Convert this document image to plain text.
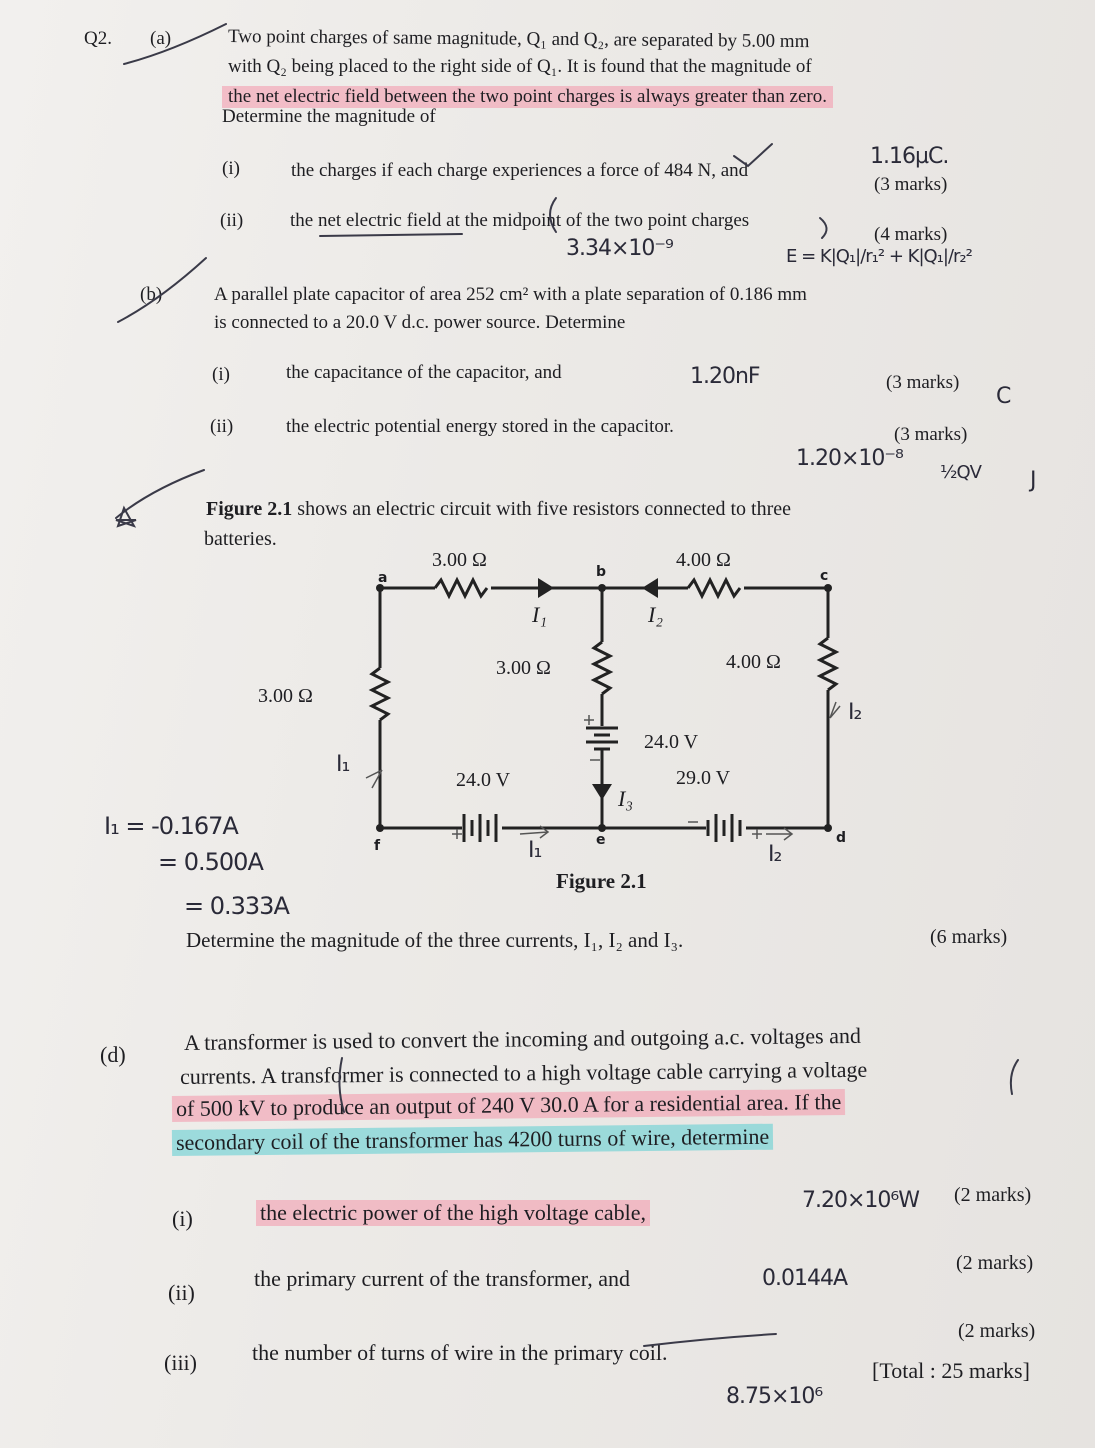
Q2. (a)	Two point charges of same magnitude, Q₁ and Q₂, are separated by 5.00 mm
with Q₂ being placed to the right side of Q₁. It is found that the magnitude of
the net electric field between the two point charges is always greater than zero.
Determine the magnitude of
(i)	the charges if each charge experiences a force of 484 N, and
(3 marks)
1.16µC.
(ii) the net electric field at the midpoint of the two point charges
(4 marks)
3.34×10⁻⁹	E = K|Q₁|/r₁² + K|Q₁|/r₂²
(b)	A parallel plate capacitor of area 252 cm² with a plate separation of 0.186 mm
is connected to a 20.0 V d.c. power source. Determine
(i)	the capacitance of the capacitor, and	(3 marks)
1.20nF
C
(ii)	the electric potential energy stored in the capacitor.	(3 marks)
1.20×10⁻⁸
½QV J
Figure 2.1 shows an electric circuit with five resistors connected to three
batteries.
3.00 Ω	4.00 Ω
3.00 Ω
3.00 Ω	4.00 Ω
24.0 V
24.0 V	29.0 V
a	b	c
d
e
f
I₁	I₂
I₃
Figure 2.1
I₁
I₁ = -0.167A
= 0.500A
= 0.333A
I₁	I₂
I₂
Determine the magnitude of the three currents, I₁, I₂ and I₃.	(6 marks)
(d)	A transformer is used to convert the incoming and outgoing a.c. voltages and
currents. A transformer is connected to a high voltage cable carrying a voltage
of 500 kV to produce an output of 240 V 30.0 A for a residential area. If the
secondary coil of the transformer has 4200 turns of wire, determine
(i)	the electric power of the high voltage cable,
(2 marks)
7.20×10⁶W
(ii)
the primary current of the transformer, and
(2 marks)
0.0144A
(iii)	the number of turns of wire in the primary coil.
(2 marks)
8.75×10⁶
[Total : 25 marks]
